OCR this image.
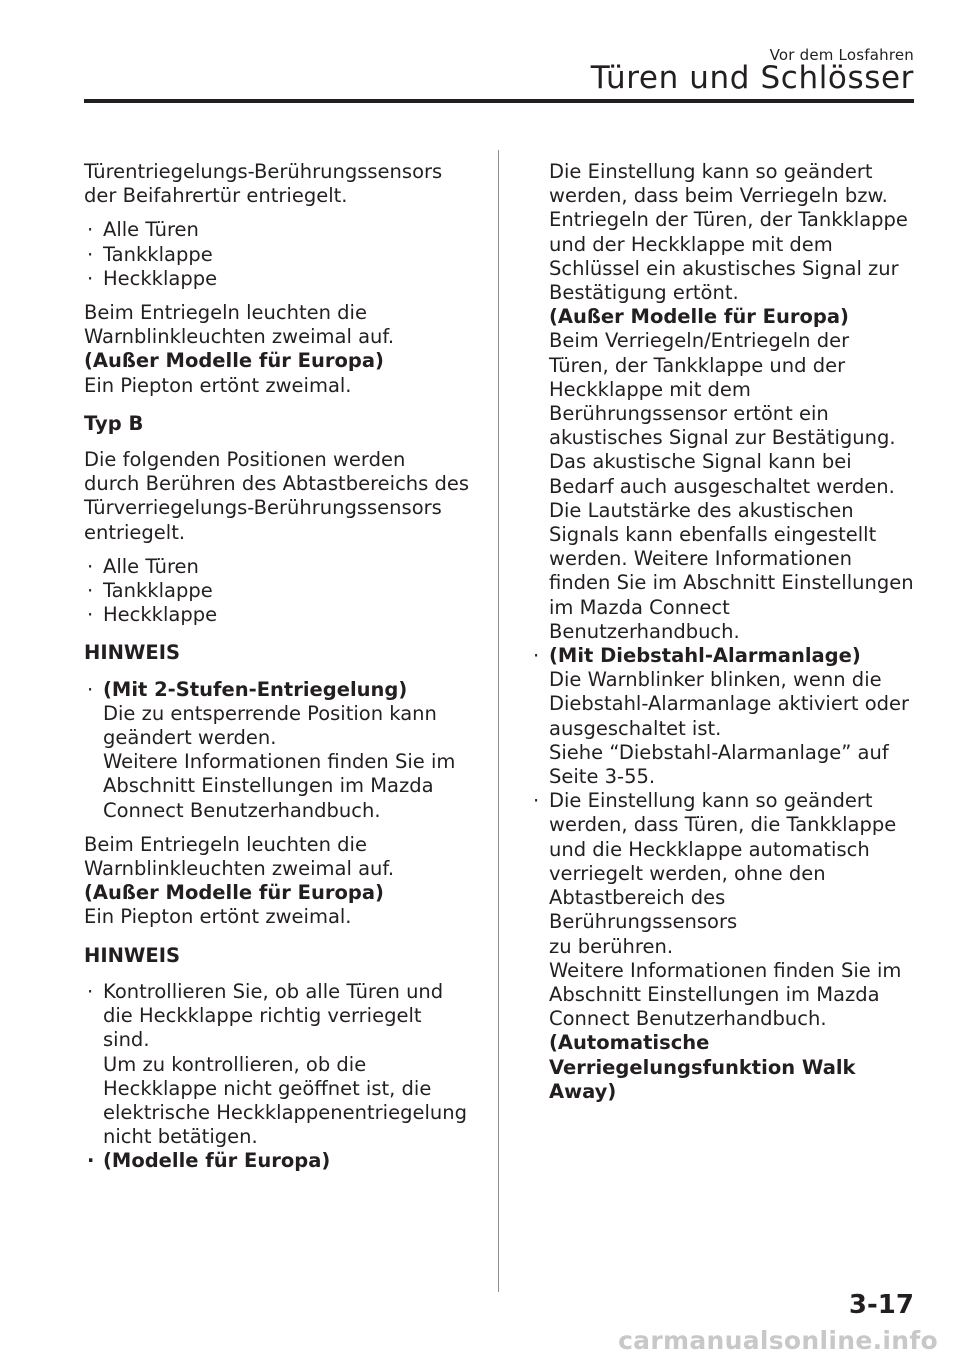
Vor dem Losfahren
Türen und Schlösser

Türentriegelungs-Berührungssensors
der Beifahrertür entriegelt.

· Alle Türen
· Tankklappe
· Heckklappe

Beim Entriegeln leuchten die
Warnblinkleuchten zweimal auf.

(Außer Modelle für Europa)

Ein Piepton ertönt zweimal.

Typ B

Die folgenden Positionen werden
durch Berühren des Abtastbereichs des
Türverriegelungs-Berührungssensors
entriegelt.

· Alle Türen
· Tankklappe
· Heckklappe

HINWEIS

· (Mit 2-Stufen-Entriegelung)
Die zu entsperrende Position kann
geändert werden.
Weitere Informationen finden Sie im
Abschnitt Einstellungen im Mazda
Connect Benutzerhandbuch.

Beim Entriegeln leuchten die
Warnblinkleuchten zweimal auf.

(Außer Modelle für Europa)

Ein Piepton ertönt zweimal.

HINWEIS

· Kontrollieren Sie, ob alle Türen und
die Heckklappe richtig verriegelt
sind.
Um zu kontrollieren, ob die
Heckklappe nicht geöffnet ist, die
elektrische Heckklappenentriegelung
nicht betätigen.
· (Modelle für Europa)

Die Einstellung kann so geändert
werden, dass beim Verriegeln bzw.
Entriegeln der Türen, der Tankklappe
und der Heckklappe mit dem
Schlüssel ein akustisches Signal zur
Bestätigung ertönt.

(Außer Modelle für Europa)

Beim Verriegeln/Entriegeln der
Türen, der Tankklappe und der
Heckklappe mit dem
Berührungssensor ertönt ein
akustisches Signal zur Bestätigung.
Das akustische Signal kann bei
Bedarf auch ausgeschaltet werden.
Die Lautstärke des akustischen
Signals kann ebenfalls eingestellt
werden. Weitere Informationen
finden Sie im Abschnitt Einstellungen
im Mazda Connect
Benutzerhandbuch.

· (Mit Diebstahl-Alarmanlage)
Die Warnblinker blinken, wenn die
Diebstahl-Alarmanlage aktiviert oder
ausgeschaltet ist.
Siehe “Diebstahl-Alarmanlage” auf
Seite 3-55.
· Die Einstellung kann so geändert
werden, dass Türen, die Tankklappe
und die Heckklappe automatisch
verriegelt werden, ohne den
Abtastbereich des Berührungssensors
zu berühren.
Weitere Informationen finden Sie im
Abschnitt Einstellungen im Mazda
Connect Benutzerhandbuch.
(Automatische
Verriegelungsfunktion Walk Away)
3-17
carmanualsonline.info
